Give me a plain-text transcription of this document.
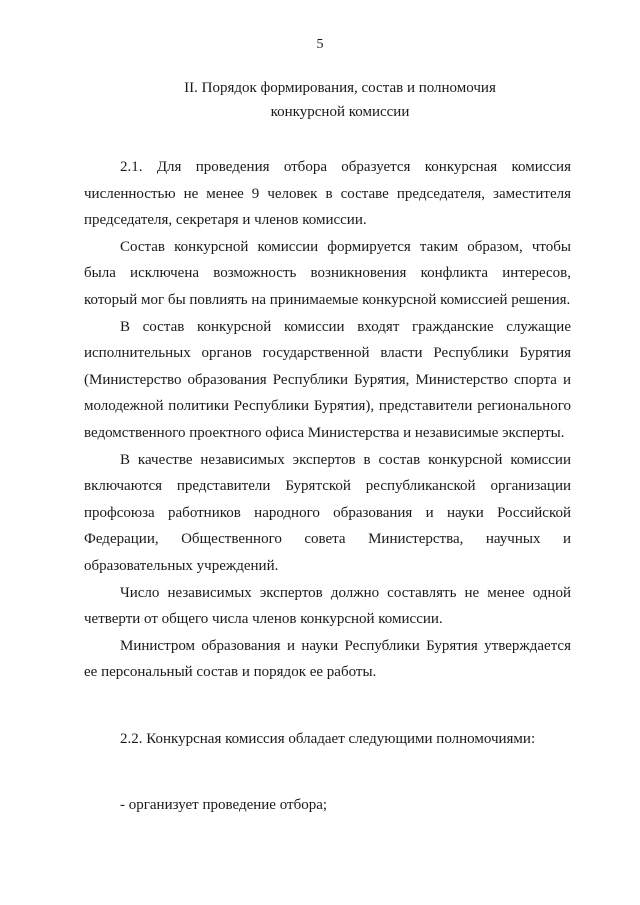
5
II. Порядок формирования, состав и полномочия
конкурсной комиссии

2.1. Для проведения отбора образуется конкурсная комиссия численностью не менее 9 человек в составе председателя, заместителя председателя, секретаря и членов комиссии.

Состав конкурсной комиссии формируется таким образом, чтобы была исключена возможность возникновения конфликта интересов, который мог бы повлиять на принимаемые конкурсной комиссией решения.

В состав конкурсной комиссии входят гражданские служащие исполнительных органов государственной власти Республики Бурятия (Министерство образования Республики Бурятия, Министерство спорта и молодежной политики Республики Бурятия), представители регионального ведомственного проектного офиса Министерства и независимые эксперты.

В качестве независимых экспертов в состав конкурсной комиссии включаются представители Бурятской республиканской организации профсоюза работников народного образования и науки Российской Федерации, Общественного совета Министерства, научных и образовательных учреждений.

Число независимых экспертов должно составлять не менее одной четверти от общего числа членов конкурсной комиссии.

Министром образования и науки Республики Бурятия утверждается ее персональный состав и порядок ее работы.

2.2. Конкурсная комиссия обладает следующими полномочиями:

- организует проведение отбора;
